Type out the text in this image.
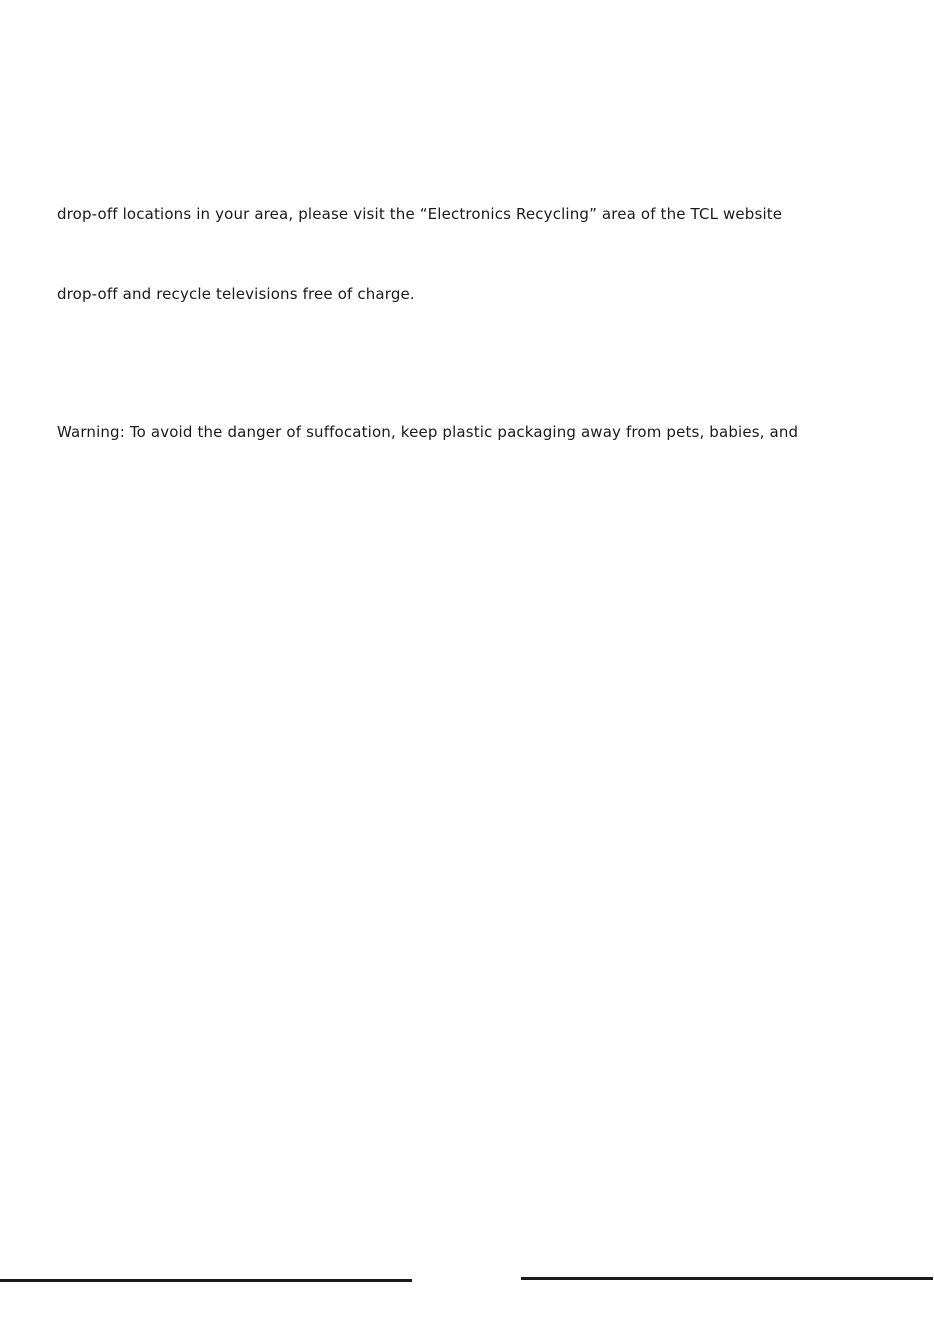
drop-off locations in your area, please visit the “Electronics Recycling” area of the TCL website

drop-off and recycle televisions free of charge.

Warning: To avoid the danger of suffocation, keep plastic packaging away from pets, babies, and
